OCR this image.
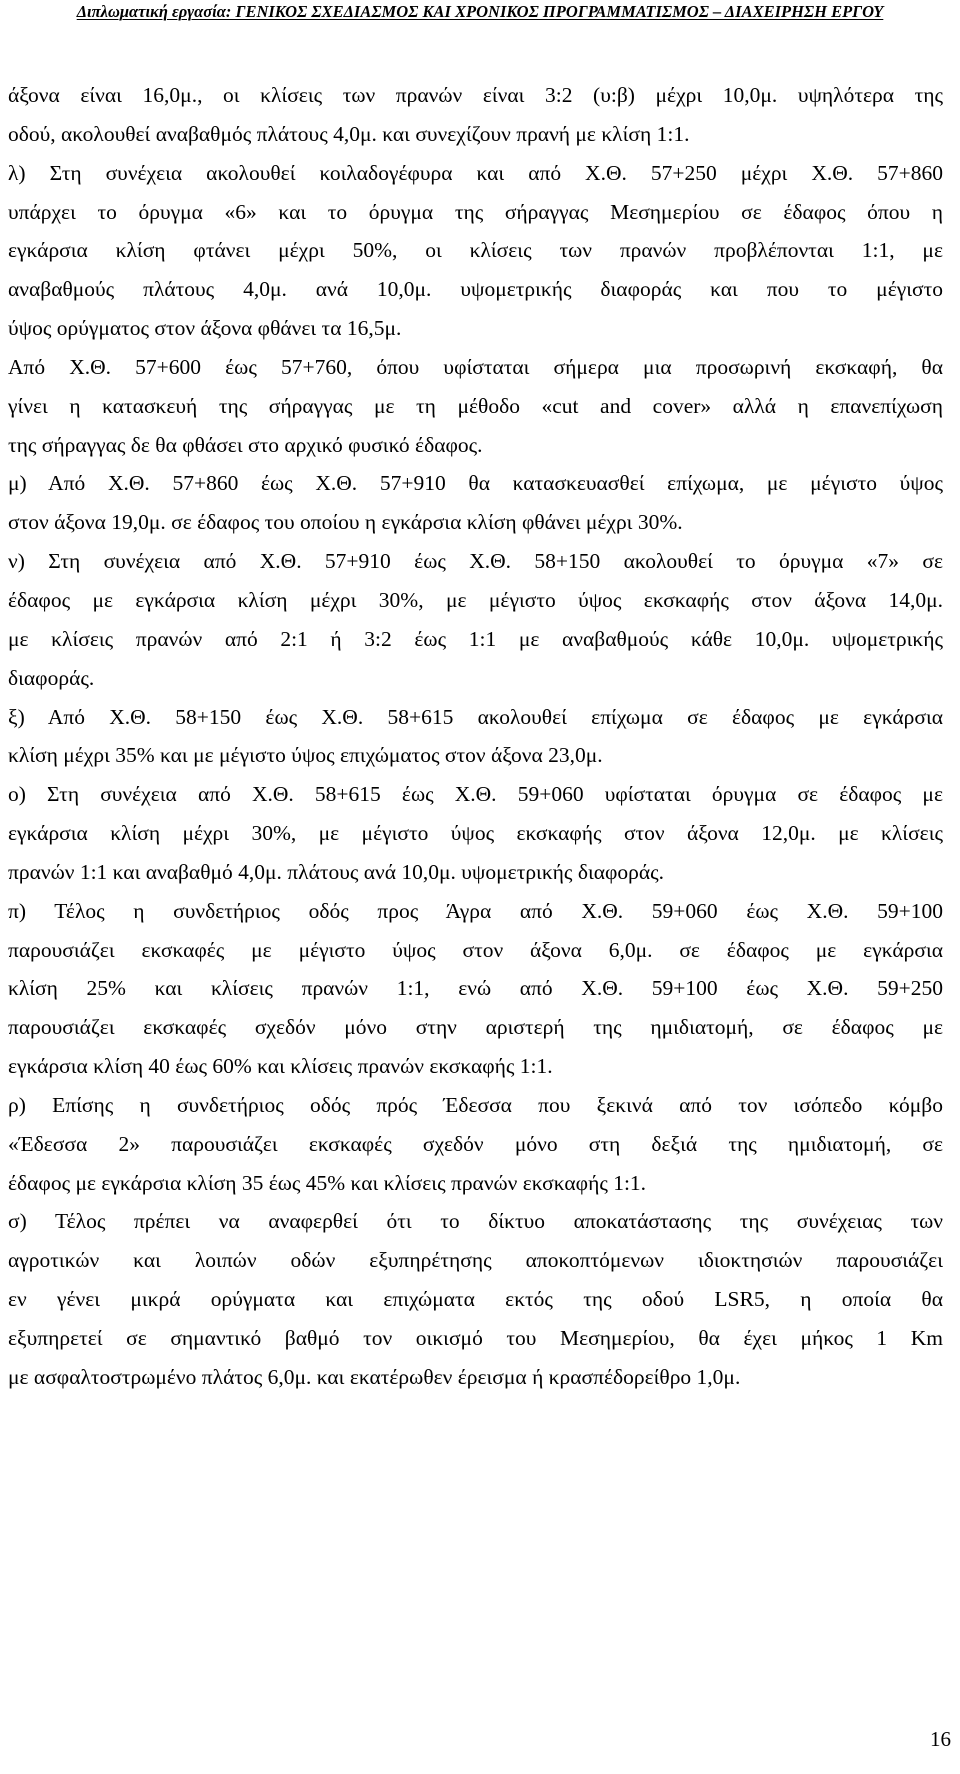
Διπλωματική εργασία: ΓΕΝΙΚΟΣ ΣΧΕΔΙΑΣΜΟΣ ΚΑΙ ΧΡΟΝΙΚΟΣ ΠΡΟΓΡΑΜΜΑΤΙΣΜΟΣ – ΔΙΑΧΕΙΡΗΣΗ ΕΡΓΟΥ
άξονα είναι 16,0μ., οι κλίσεις των πρανών είναι 3:2 (υ:β) μέχρι 10,0μ. υψηλότερα της
οδού, ακολουθεί αναβαθμός πλάτους 4,0μ. και συνεχίζουν πρανή με κλίση 1:1.
λ) Στη συνέχεια ακολουθεί κοιλαδογέφυρα και από Χ.Θ. 57+250 μέχρι Χ.Θ. 57+860
υπάρχει το όρυγμα «6» και το όρυγμα της σήραγγας Μεσημερίου σε έδαφος όπου η
εγκάρσια κλίση φτάνει μέχρι 50%, οι κλίσεις των πρανών προβλέπονται 1:1, με
αναβαθμούς πλάτους 4,0μ. ανά 10,0μ. υψομετρικής διαφοράς και που το μέγιστο
ύψος ορύγματος στον άξονα φθάνει τα 16,5μ.
Από Χ.Θ. 57+600 έως 57+760, όπου υφίσταται σήμερα μια προσωρινή εκσκαφή, θα
γίνει η κατασκευή της σήραγγας με τη μέθοδο «cut and cover» αλλά η επανεπίχωση
της σήραγγας δε θα φθάσει στο αρχικό φυσικό έδαφος.
μ) Από Χ.Θ. 57+860 έως Χ.Θ. 57+910 θα κατασκευασθεί επίχωμα, με μέγιστο ύψος
στον άξονα 19,0μ. σε έδαφος του οποίου η εγκάρσια κλίση φθάνει μέχρι 30%.
ν) Στη συνέχεια από Χ.Θ. 57+910 έως Χ.Θ. 58+150 ακολουθεί το όρυγμα «7» σε
έδαφος με εγκάρσια κλίση μέχρι 30%, με μέγιστο ύψος εκσκαφής στον άξονα 14,0μ.
με κλίσεις πρανών από 2:1 ή 3:2 έως 1:1 με αναβαθμούς κάθε 10,0μ. υψομετρικής
διαφοράς.
ξ) Από Χ.Θ. 58+150 έως Χ.Θ. 58+615 ακολουθεί επίχωμα σε έδαφος με εγκάρσια
κλίση μέχρι 35% και με μέγιστο ύψος επιχώματος στον άξονα 23,0μ.
ο) Στη συνέχεια από Χ.Θ. 58+615 έως Χ.Θ. 59+060 υφίσταται όρυγμα σε έδαφος με
εγκάρσια κλίση μέχρι 30%, με μέγιστο ύψος εκσκαφής στον άξονα 12,0μ. με κλίσεις
πρανών 1:1 και αναβαθμό 4,0μ. πλάτους ανά 10,0μ. υψομετρικής διαφοράς.
π) Τέλος η συνδετήριος οδός προς Άγρα από Χ.Θ. 59+060 έως Χ.Θ. 59+100
παρουσιάζει εκσκαφές με μέγιστο ύψος στον άξονα 6,0μ. σε έδαφος με εγκάρσια
κλίση 25% και κλίσεις πρανών 1:1, ενώ από Χ.Θ. 59+100 έως Χ.Θ. 59+250
παρουσιάζει εκσκαφές σχεδόν μόνο στην αριστερή της ημιδιατομή, σε έδαφος με
εγκάρσια κλίση 40 έως 60% και κλίσεις πρανών εκσκαφής 1:1.
ρ) Επίσης η συνδετήριος οδός πρός Έδεσσα που ξεκινά από τον ισόπεδο κόμβο
«Έδεσσα 2» παρουσιάζει εκσκαφές σχεδόν μόνο στη δεξιά της ημιδιατομή, σε
έδαφος με εγκάρσια κλίση 35 έως 45% και κλίσεις πρανών εκσκαφής 1:1.
σ) Τέλος πρέπει να αναφερθεί ότι το δίκτυο αποκατάστασης της συνέχειας των
αγροτικών και λοιπών οδών εξυπηρέτησης αποκοπτόμενων ιδιοκτησιών παρουσιάζει
εν γένει μικρά ορύγματα και επιχώματα εκτός της οδού LSR5, η οποία θα
εξυπηρετεί σε σημαντικό βαθμό τον οικισμό του Μεσημερίου, θα έχει μήκος 1 Km
με ασφαλτοστρωμένο πλάτος 6,0μ. και εκατέρωθεν έρεισμα ή κρασπέδορείθρο 1,0μ.
16
